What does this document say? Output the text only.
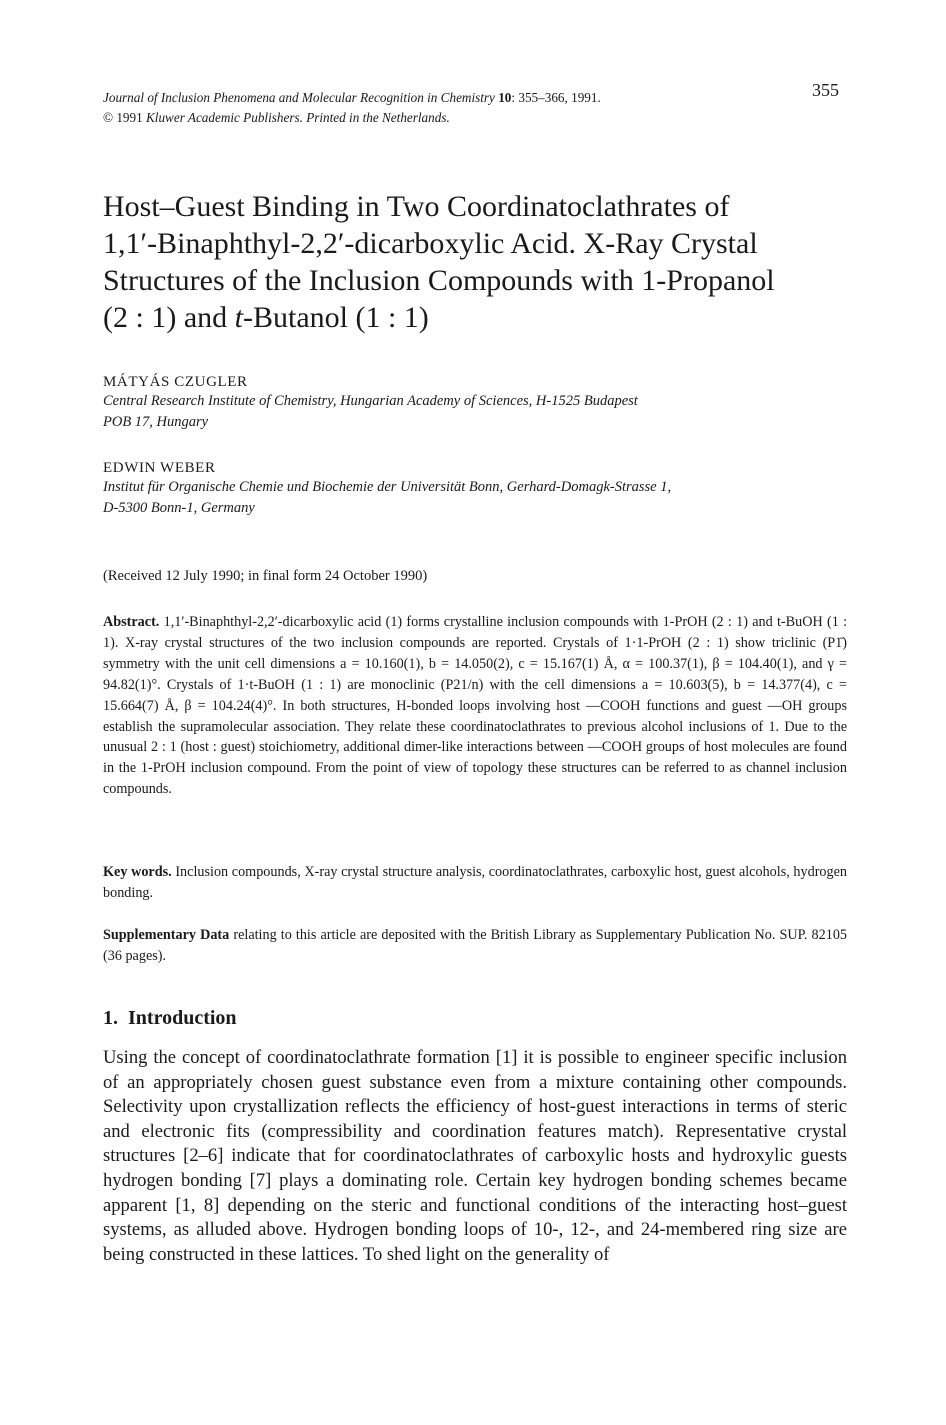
Journal of Inclusion Phenomena and Molecular Recognition in Chemistry 10: 355–366, 1991.
© 1991 Kluwer Academic Publishers. Printed in the Netherlands.
355
Host–Guest Binding in Two Coordinatoclathrates of
1,1′-Binaphthyl-2,2′-dicarboxylic Acid. X-Ray Crystal
Structures of the Inclusion Compounds with 1-Propanol
(2 : 1) and t-Butanol (1 : 1)
MÁTYÁS CZUGLER
Central Research Institute of Chemistry, Hungarian Academy of Sciences, H-1525 Budapest
POB 17, Hungary
EDWIN WEBER
Institut für Organische Chemie und Biochemie der Universität Bonn, Gerhard-Domagk-Strasse 1,
D-5300 Bonn-1, Germany
(Received 12 July 1990; in final form 24 October 1990)
Abstract. 1,1′-Binaphthyl-2,2′-dicarboxylic acid (1) forms crystalline inclusion compounds with 1-PrOH (2 : 1) and t-BuOH (1 : 1). X-ray crystal structures of the two inclusion compounds are reported. Crystals of 1·1-PrOH (2 : 1) show triclinic (P1̄) symmetry with the unit cell dimensions a = 10.160(1), b = 14.050(2), c = 15.167(1) Å, α = 100.37(1), β = 104.40(1), and γ = 94.82(1)°. Crystals of 1·t-BuOH (1 : 1) are monoclinic (P21/n) with the cell dimensions a = 10.603(5), b = 14.377(4), c = 15.664(7) Å, β = 104.24(4)°. In both structures, H-bonded loops involving host —COOH functions and guest —OH groups establish the supramolecular association. They relate these coordinatoclathrates to previous alcohol inclusions of 1. Due to the unusual 2 : 1 (host : guest) stoichiometry, additional dimer-like interactions between —COOH groups of host molecules are found in the 1-PrOH inclusion compound. From the point of view of topology these structures can be referred to as channel inclusion compounds.
Key words. Inclusion compounds, X-ray crystal structure analysis, coordinatoclathrates, carboxylic host, guest alcohols, hydrogen bonding.
Supplementary Data relating to this article are deposited with the British Library as Supplementary Publication No. SUP. 82105 (36 pages).
1. Introduction
Using the concept of coordinatoclathrate formation [1] it is possible to engineer specific inclusion of an appropriately chosen guest substance even from a mixture containing other compounds. Selectivity upon crystallization reflects the efficiency of host-guest interactions in terms of steric and electronic fits (compressibility and coordination features match). Representative crystal structures [2–6] indicate that for coordinatoclathrates of carboxylic hosts and hydroxylic guests hydrogen bonding [7] plays a dominating role. Certain key hydrogen bonding schemes became apparent [1, 8] depending on the steric and functional conditions of the interacting host–guest systems, as alluded above. Hydrogen bonding loops of 10-, 12-, and 24-membered ring size are being constructed in these lattices. To shed light on the generality of
